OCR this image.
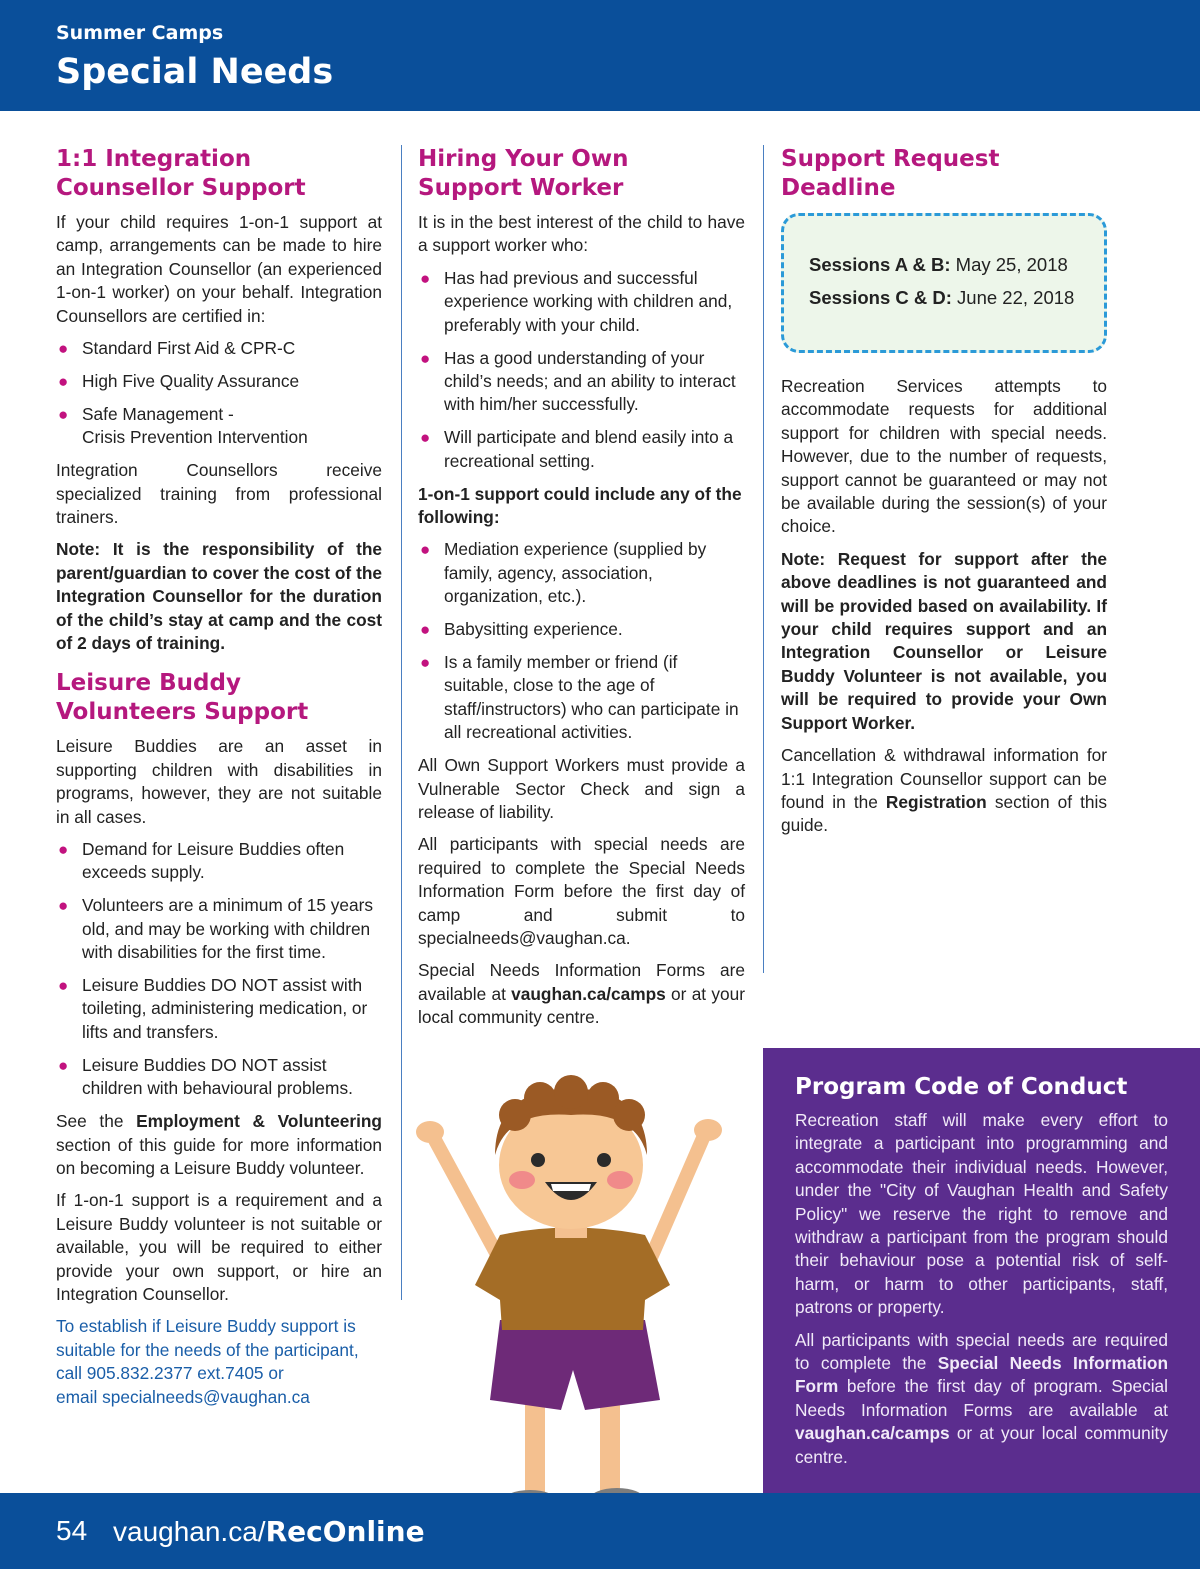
Summer Camps
Special Needs
1:1 Integration
Counsellor Support

If your child requires 1-on-1 support at camp, arrangements can be made to hire an Integration Counsellor (an experienced 1-on-1 worker) on your behalf. Integration Counsellors are certified in:

● Standard First Aid & CPR-C
● High Five Quality Assurance
● Safe Management -
Crisis Prevention Intervention

Integration Counsellors receive specialized training from professional trainers.

Note: It is the responsibility of the parent/guardian to cover the cost of the Integration Counsellor for the duration of the child’s stay at camp and the cost of 2 days of training.

Leisure Buddy
Volunteers Support

Leisure Buddies are an asset in supporting children with disabilities in programs, however, they are not suitable in all cases.

● Demand for Leisure Buddies often exceeds supply.
● Volunteers are a minimum of 15 years old, and may be working with children with disabilities for the first time.
● Leisure Buddies DO NOT assist with toileting, administering medication, or lifts and transfers.
● Leisure Buddies DO NOT assist children with behavioural problems.

See the Employment & Volunteering section of this guide for more information on becoming a Leisure Buddy volunteer.

If 1-on-1 support is a requirement and a Leisure Buddy volunteer is not suitable or available, you will be required to either provide your own support, or hire an Integration Counsellor.

To establish if Leisure Buddy support is
suitable for the needs of the participant,
call 905.832.2377 ext.7405 or
email specialneeds@vaughan.ca

Hiring Your Own
Support Worker

It is in the best interest of the child to have a support worker who:

● Has had previous and successful experience working with children and, preferably with your child.
● Has a good understanding of your child’s needs; and an ability to interact with him/her successfully.
● Will participate and blend easily into a recreational setting.

1-on-1 support could include any of the following:

● Mediation experience (supplied by family, agency, association, organization, etc.).
● Babysitting experience.
● Is a family member or friend (if suitable, close to the age of staff/instructors) who can participate in all recreational activities.

All Own Support Workers must provide a Vulnerable Sector Check and sign a release of liability.

All participants with special needs are required to complete the Special Needs Information Form before the first day of camp and submit to specialneeds@vaughan.ca.

Special Needs Information Forms are available at vaughan.ca/camps or at your local community centre.

Support Request
Deadline
Sessions A & B: May 25, 2018
Sessions C & D: June 22, 2018

Recreation Services attempts to accommodate requests for additional support for children with special needs. However, due to the number of requests, support cannot be guaranteed or may not be available during the session(s) of your choice.

Note: Request for support after the above deadlines is not guaranteed and will be provided based on availability. If your child requires support and an Integration Counsellor or Leisure Buddy Volunteer is not available, you will be required to provide your Own Support Worker.

Cancellation & withdrawal information for 1:1 Integration Counsellor support can be found in the Registration section of this guide.

Program Code of Conduct

Recreation staff will make every effort to integrate a participant into programming and accommodate their individual needs. However, under the "City of Vaughan Health and Safety Policy" we reserve the right to remove and withdraw a participant from the program should their behaviour pose a potential risk of self-harm, or harm to other participants, staff, patrons or property.

All participants with special needs are required to complete the Special Needs Information Form before the first day of program. Special Needs Information Forms are available at vaughan.ca/camps or at your local community centre.

54 vaughan.ca/RecOnline
